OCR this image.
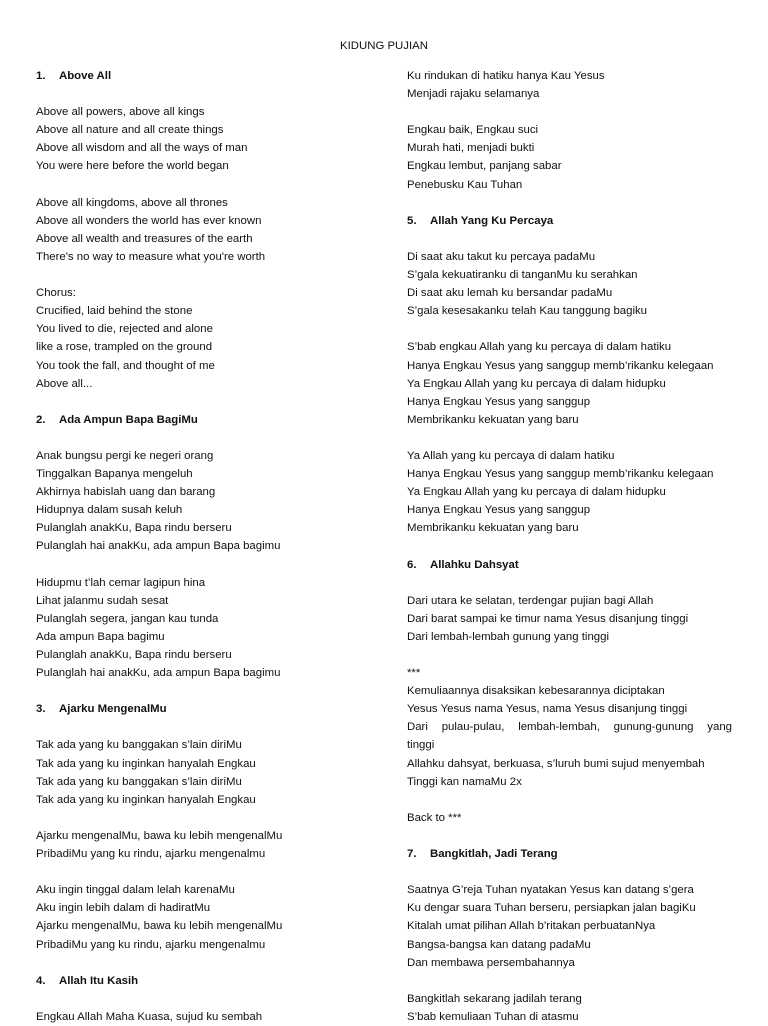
KIDUNG PUJIAN
1. Above All
Above all powers, above all kings
Above all nature and all create things
Above all wisdom and all the ways of man
You were here before the world began
Above all kingdoms, above all thrones
Above all wonders the world has ever known
Above all wealth and treasures of the earth
There's no way to measure what you're worth
Chorus:
Crucified, laid behind the stone
You lived to die, rejected and alone
like a rose, trampled on the ground
You took the fall, and thought of me
Above all...
2. Ada Ampun Bapa BagiMu
Anak bungsu pergi ke negeri orang
Tinggalkan Bapanya mengeluh
Akhirnya habislah uang dan barang
Hidupnya dalam susah keluh
Pulanglah anakKu, Bapa rindu berseru
Pulanglah hai anakKu, ada ampun Bapa bagimu
Hidupmu t’lah cemar lagipun hina
Lihat jalanmu sudah sesat
Pulanglah segera, jangan kau tunda
Ada ampun Bapa bagimu
Pulanglah anakKu, Bapa rindu berseru
Pulanglah hai anakKu, ada ampun Bapa bagimu
3. Ajarku MengenalMu
Tak ada yang ku banggakan s’lain diriMu
Tak ada yang ku inginkan hanyalah Engkau
Tak ada yang ku banggakan s’lain diriMu
Tak ada yang ku inginkan hanyalah Engkau
Ajarku mengenalMu, bawa ku lebih mengenalMu
PribadiMu yang ku rindu, ajarku mengenalmu
Aku ingin tinggal dalam lelah karenaMu
Aku ingin lebih dalam di hadiratMu
Ajarku mengenalMu, bawa ku lebih mengenalMu
PribadiMu yang ku rindu, ajarku mengenalmu
4. Allah Itu Kasih
Engkau Allah Maha Kuasa, sujud ku sembah
Ku rindukan di hatiku hanya Kau Yesus
Menjadi rajaku selamanya
Engkau baik, Engkau suci
Murah hati, menjadi bukti
Engkau lembut, panjang sabar
Penebusku Kau Tuhan
5. Allah Yang Ku Percaya
Di saat aku takut ku percaya padaMu
S’gala kekuatiranku di tanganMu ku serahkan
Di saat aku lemah ku bersandar padaMu
S’gala kesesakanku telah Kau tanggung bagiku
S’bab engkau Allah yang ku percaya di dalam hatiku
Hanya Engkau Yesus yang sanggup memb’rikanku kelegaan
Ya Engkau Allah yang ku percaya di dalam hidupku
Hanya Engkau Yesus yang sanggup
Membrikanku kekuatan yang baru
Ya Allah yang ku percaya di dalam hatiku
Hanya Engkau Yesus yang sanggup memb’rikanku kelegaan
Ya Engkau Allah yang ku percaya di dalam hidupku
Hanya Engkau Yesus yang sanggup
Membrikanku kekuatan yang baru
6. Allahku Dahsyat
Dari utara ke selatan, terdengar pujian bagi Allah
Dari barat sampai ke timur nama Yesus disanjung tinggi
Dari lembah-lembah gunung yang tinggi
***
Kemuliaannya disaksikan kebesarannya diciptakan
Yesus Yesus nama Yesus, nama Yesus disanjung tinggi
Dari pulau-pulau, lembah-lembah, gunung-gunung yang
tinggi
Allahku dahsyat, berkuasa, s’luruh bumi sujud menyembah
Tinggi kan namaMu 2x
Back to ***
7. Bangkitlah, Jadi Terang
Saatnya G’reja Tuhan nyatakan Yesus kan datang s’gera
Ku dengar suara Tuhan berseru, persiapkan jalan bagiKu
Kitalah umat pilihan Allah b’ritakan perbuatanNya
Bangsa-bangsa kan datang padaMu
Dan membawa persembahannya
Bangkitlah sekarang jadilah terang
S’bab kemuliaan Tuhan di atasmu
